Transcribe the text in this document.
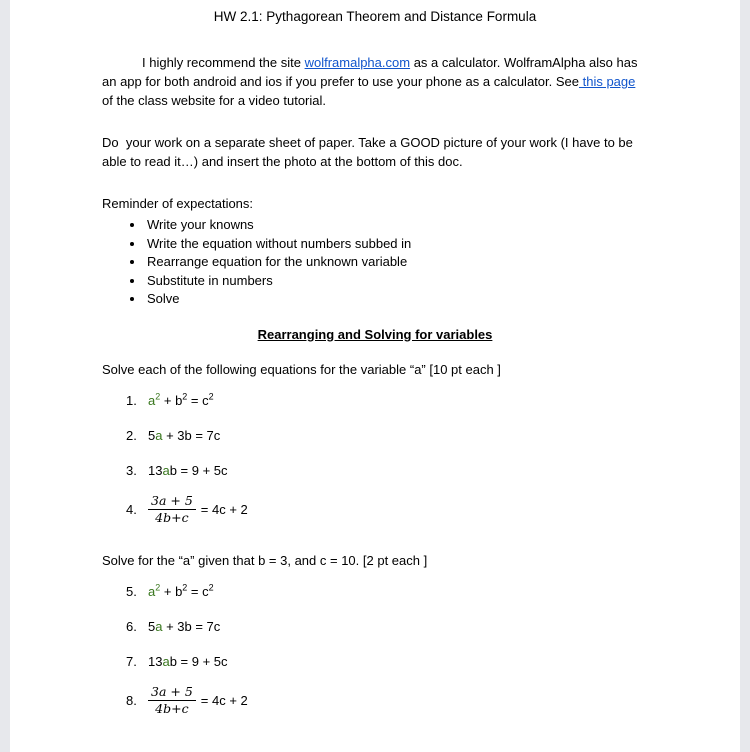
HW 2.1: Pythagorean Theorem and Distance Formula

I highly recommend the site wolframalpha.com as a calculator. WolframAlpha also has an app for both android and ios if you prefer to use your phone as a calculator. See this page of the class website for a video tutorial.

Do  your work on a separate sheet of paper. Take a GOOD picture of your work (I have to be able to read it…) and insert the photo at the bottom of this doc.

Reminder of expectations:

• Write your knowns
• Write the equation without numbers subbed in
• Rearrange equation for the unknown variable
• Substitute in numbers
• Solve

Rearranging and Solving for variables

Solve each of the following equations for the variable “a” [10 pt each ]

1. $a^2 + b^2 = c^2$
2. 5a + 3b = 7c
3. 13ab = 9 + 5c
4. $\frac{3a + 5}{4b+c} = 4c + 2$

Solve for the “a” given that b = 3, and c = 10. [2 pt each ]

5. $a^2 + b^2 = c^2$
6. 5a + 3b = 7c
7. 13ab = 9 + 5c
8. $\frac{3a + 5}{4b+c} = 4c + 2$
